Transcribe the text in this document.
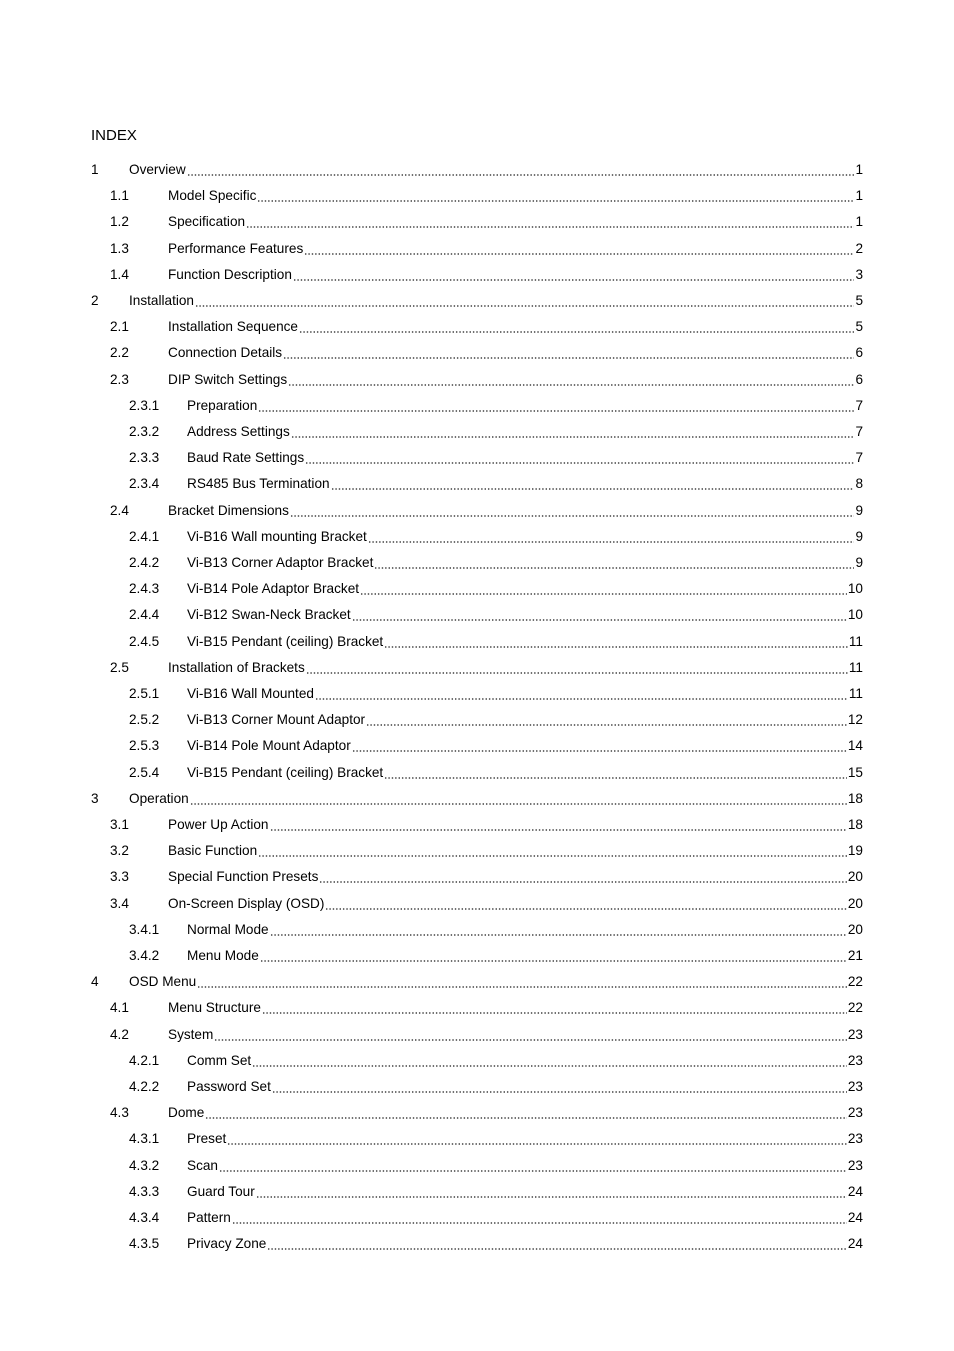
INDEX
1 Overview	1
1.1	Model Specific	1
1.2	Specification	1
1.3	Performance Features	2
1.4	Function Description	3
2 Installation	5
2.1	Installation Sequence	5
2.2	Connection Details	6
2.3	DIP Switch Settings	6
2.3.1 Preparation	7
2.3.2 Address Settings	7
2.3.3 Baud Rate Settings	7
2.3.4 RS485 Bus Termination	8
2.4	Bracket Dimensions	9
2.4.1 Vi-B16 Wall mounting Bracket	9
2.4.2 Vi-B13 Corner Adaptor Bracket	9
2.4.3 Vi-B14 Pole Adaptor Bracket	10
2.4.4 Vi-B12 Swan-Neck Bracket	10
2.4.5 Vi-B15 Pendant (ceiling) Bracket	11
2.5	Installation of Brackets	11
2.5.1 Vi-B16 Wall Mounted	11
2.5.2 Vi-B13 Corner Mount Adaptor	12
2.5.3 Vi-B14 Pole Mount Adaptor	14
2.5.4 Vi-B15 Pendant (ceiling) Bracket	15
3 Operation	18
3.1	Power Up Action	18
3.2	Basic Function	19
3.3	Special Function Presets	20
3.4	On-Screen Display (OSD)	20
3.4.1 Normal Mode	20
3.4.2 Menu Mode	21
4 OSD Menu	22
4.1	Menu Structure	22
4.2	System	23
4.2.1 Comm Set	23
4.2.2 Password Set	23
4.3	Dome	23
4.3.1 Preset	23
4.3.2 Scan	23
4.3.3 Guard Tour	24
4.3.4 Pattern	24
4.3.5 Privacy Zone	24
